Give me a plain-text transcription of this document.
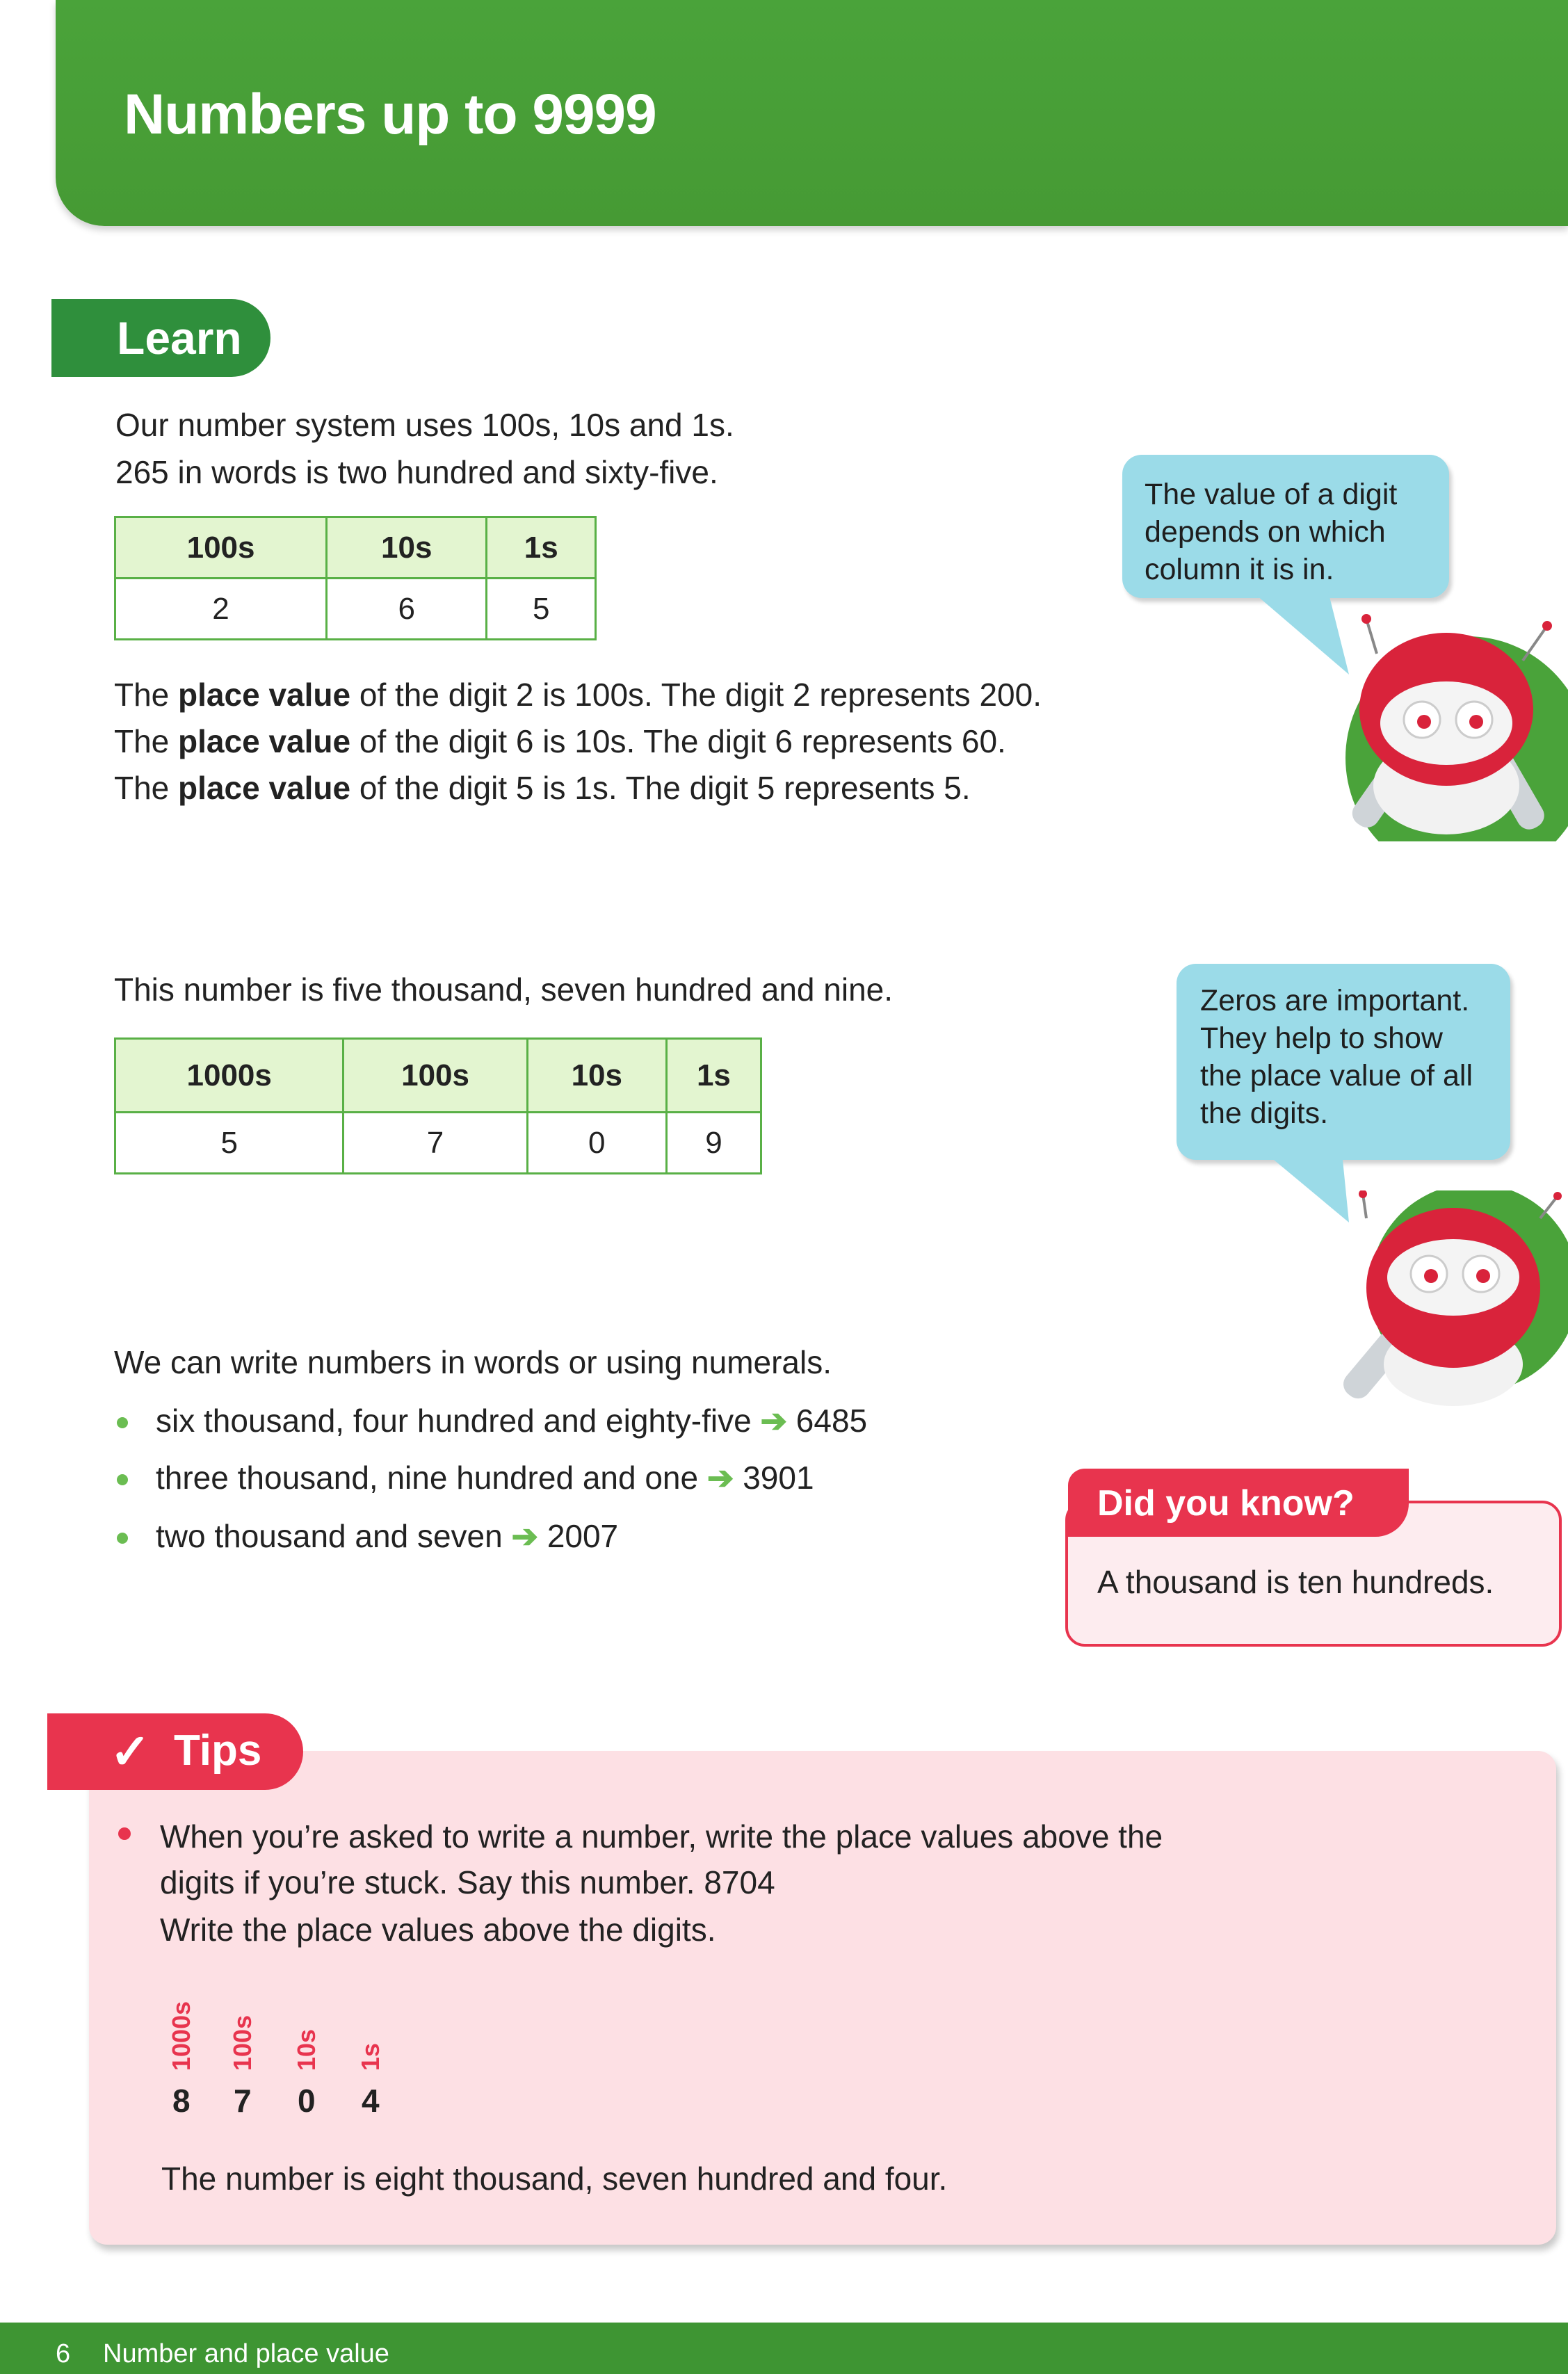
Numbers up to 9999
Learn
Our number system uses 100s, 10s and 1s.
265 in words is two hundred and sixty-five.
100s	10s	1s
2	6	5
The place value of the digit 2 is 100s. The digit 2 represents 200.
The place value of the digit 6 is 10s. The digit 6 represents 60.
The place value of the digit 5 is 1s. The digit 5 represents 5.
The value of a digit
depends on which
column it is in.
This number is five thousand, seven hundred and nine.
1000s	100s	10s	1s
5	7	0	9
Zeros are important.
They help to show
the place value of all
the digits.
We can write numbers in words or using numerals.
six thousand, four hundred and eighty-five ➔ 6485
three thousand, nine hundred and one ➔ 3901
two thousand and seven ➔ 2007
Did you know?
A thousand is ten hundreds.
✓ Tips
When you’re asked to write a number, write the place values above the
digits if you’re stuck. Say this number. 8704
Write the place values above the digits.
1000s 100s 10s 1s
8 7 0 4
The number is eight thousand, seven hundred and four.
6 Number and place value
